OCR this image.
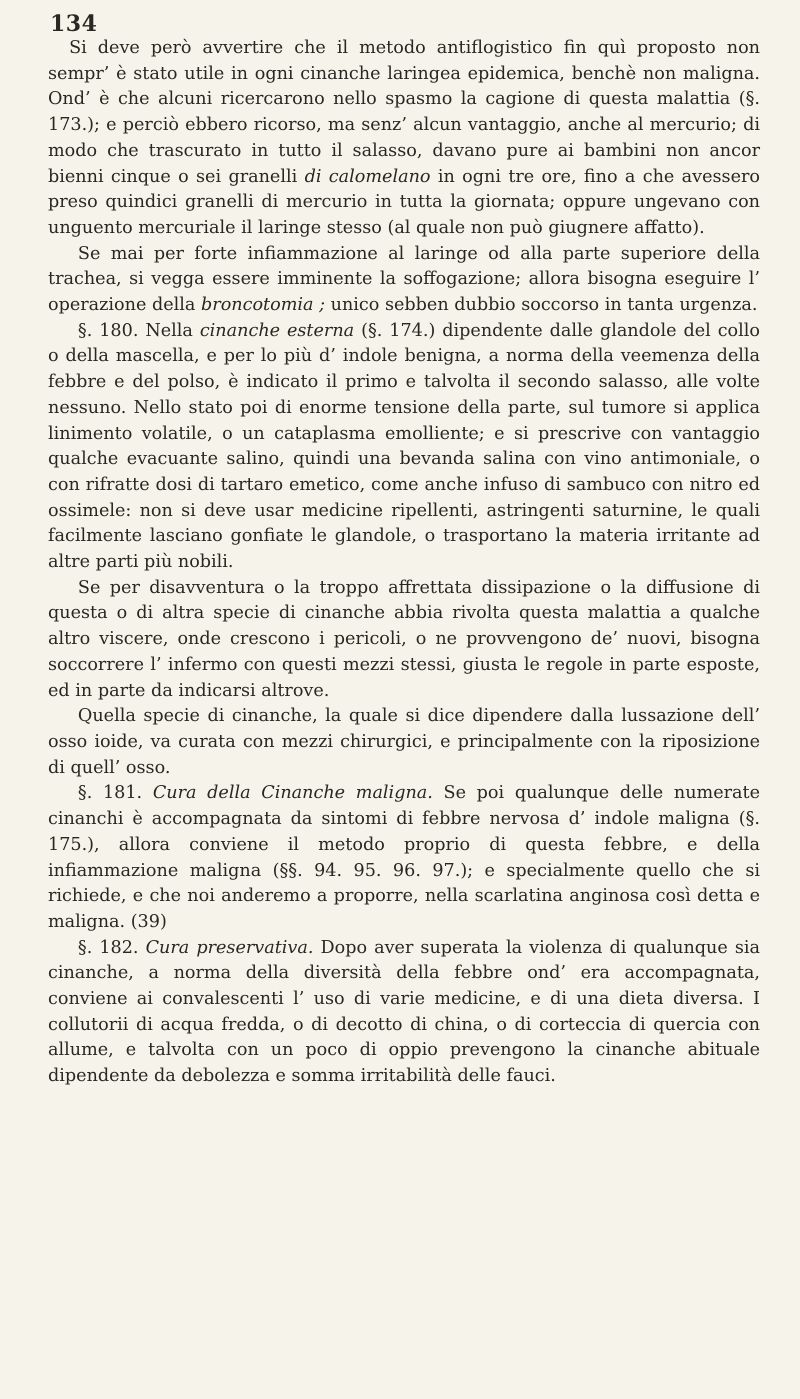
134

Si deve però avvertire che il metodo antiflogistico fin quì proposto non sempr’ è stato utile in ogni cinanche laringea epidemica, benchè non maligna. Ond’ è che alcuni ricercarono nello spasmo la cagione di questa malattia (§. 173.); e perciò ebbero ricorso, ma senz’ alcun vantaggio, anche al mercurio; di modo che trascurato in tutto il salasso, davano pure ai bambini non ancor bienni cinque o sei granelli di calomelano in ogni tre ore, fino a che avessero preso quindici granelli di mercurio in tutta la giornata; oppure ungevano con unguento mercuriale il laringe stesso (al quale non può giugnere affatto).

Se mai per forte infiammazione al laringe od alla parte superiore della trachea, si vegga essere imminente la soffogazione; allora bisogna eseguire l’ operazione della broncotomia ; unico sebben dubbio soccorso in tanta urgenza.

§. 180. Nella cinanche esterna (§. 174.) dipendente dalle glandole del collo o della mascella, e per lo più d’ indole benigna, a norma della veemenza della febbre e del polso, è indicato il primo e talvolta il secondo salasso, alle volte nessuno. Nello stato poi di enorme tensione della parte, sul tumore si applica linimento volatile, o un cataplasma emolliente; e si prescrive con vantaggio qualche evacuante salino, quindi una bevanda salina con vino antimoniale, o con rifratte dosi di tartaro emetico, come anche infuso di sambuco con nitro ed ossimele: non si deve usar medicine ripellenti, astringenti saturnine, le quali facilmente lasciano gonfiate le glandole, o trasportano la materia irritante ad altre parti più nobili.

Se per disavventura o la troppo affrettata dissipazione o la diffusione di questa o di altra specie di cinanche abbia rivolta questa malattia a qualche altro viscere, onde crescono i pericoli, o ne provvengono de’ nuovi, bisogna soccorrere l’ infermo con questi mezzi stessi, giusta le regole in parte esposte, ed in parte da indicarsi altrove.

Quella specie di cinanche, la quale si dice dipendere dalla lussazione dell’ osso ioide, va curata con mezzi chirurgici, e principalmente con la riposizione di quell’ osso.

§. 181. Cura della Cinanche maligna. Se poi qualunque delle numerate cinanchi è accompagnata da sintomi di febbre nervosa d’ indole maligna (§. 175.), allora conviene il metodo proprio di questa febbre, e della infiammazione maligna (§§. 94. 95. 96. 97.); e specialmente quello che si richiede, e che noi anderemo a proporre, nella scarlatina anginosa così detta e maligna. (39)

§. 182. Cura preservativa. Dopo aver superata la violenza di qualunque sia cinanche, a norma della diversità della febbre ond’ era accompagnata, conviene ai convalescenti l’ uso di varie medicine, e di una dieta diversa. I collutorii di acqua fredda, o di decotto di china, o di corteccia di quercia con allume, e talvolta con un poco di oppio prevengono la cinanche abituale dipendente da debolezza e somma irritabilità delle fauci.
